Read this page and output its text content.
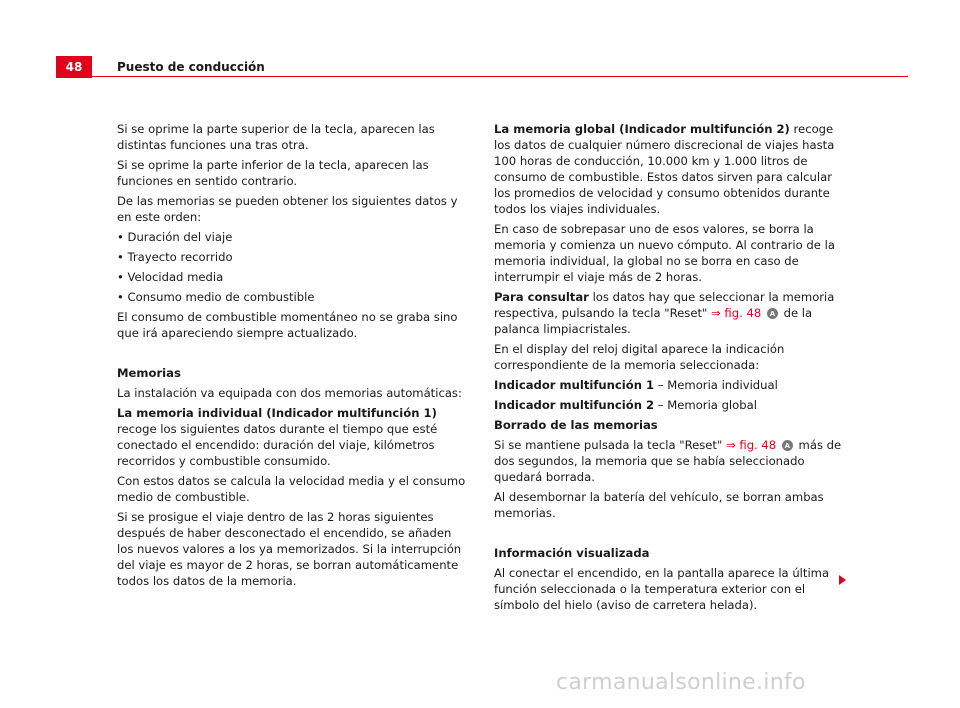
48	Puesto de conducción

Si se oprime la parte superior de la tecla, aparecen las distintas funciones una tras otra.

Si se oprime la parte inferior de la tecla, aparecen las funciones en sentido contrario.

De las memorias se pueden obtener los siguientes datos y en este orden:

• Duración del viaje

• Trayecto recorrido

• Velocidad media

• Consumo medio de combustible

El consumo de combustible momentáneo no se graba sino que irá apareciendo siempre actualizado.

Memorias

La instalación va equipada con dos memorias automáticas:

La memoria individual (Indicador multifunción 1) recoge los siguientes datos durante el tiempo que esté conectado el encendido: duración del viaje, kilómetros recorridos y combustible consumido.

Con estos datos se calcula la velocidad media y el consumo medio de combustible.

Si se prosigue el viaje dentro de las 2 horas siguientes después de haber desconectado el encendido, se añaden los nuevos valores a los ya memorizados. Si la interrupción del viaje es mayor de 2 horas, se borran automáticamente todos los datos de la memoria.

La memoria global (Indicador multifunción 2) recoge los datos de cualquier número discrecional de viajes hasta 100 horas de conducción, 10.000 km y 1.000 litros de consumo de combustible. Estos datos sirven para calcular los promedios de velocidad y consumo obtenidos durante todos los viajes individuales.

En caso de sobrepasar uno de esos valores, se borra la memoria y comienza un nuevo cómputo. Al contrario de la memoria individual, la global no se borra en caso de interrumpir el viaje más de 2 horas.

Para consultar los datos hay que seleccionar la memoria respectiva, pulsando la tecla "Reset" ⇒ fig. 48 A de la palanca limpiacristales.

En el display del reloj digital aparece la indicación correspondiente de la memoria seleccionada:

Indicador multifunción 1 – Memoria individual

Indicador multifunción 2 – Memoria global

Borrado de las memorias

Si se mantiene pulsada la tecla "Reset" ⇒ fig. 48 A más de dos segundos, la memoria que se había seleccionado quedará borrada.

Al desembornar la batería del vehículo, se borran ambas memorias.

Información visualizada

Al conectar el encendido, en la pantalla aparece la última función seleccionada o la temperatura exterior con el símbolo del hielo (aviso de carretera helada).

carmanualsonline.info
